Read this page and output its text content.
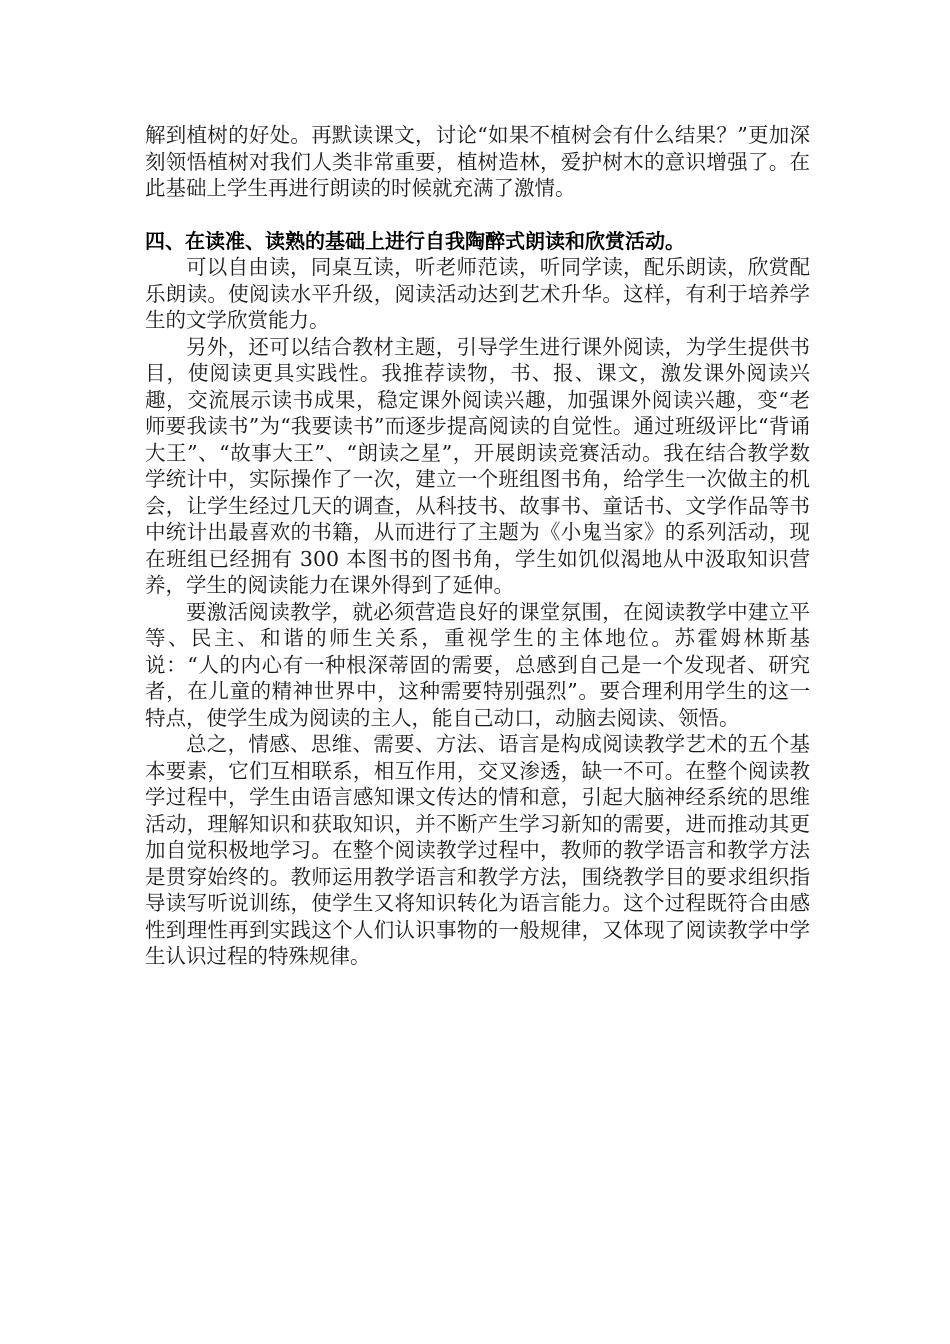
解到植树的好处。再默读课文，讨论“如果不植树会有什么结果？”更加深刻领悟植树对我们人类非常重要，植树造林，爱护树木的意识增强了。在此基础上学生再进行朗读的时候就充满了激情。

四、在读准、读熟的基础上进行自我陶醉式朗读和欣赏活动。

可以自由读，同桌互读，听老师范读，听同学读，配乐朗读，欣赏配乐朗读。使阅读水平升级，阅读活动达到艺术升华。这样，有利于培养学生的文学欣赏能力。

另外，还可以结合教材主题，引导学生进行课外阅读，为学生提供书目，使阅读更具实践性。我推荐读物，书、报、课文，激发课外阅读兴趣，交流展示读书成果，稳定课外阅读兴趣，加强课外阅读兴趣，变“老师要我读书”为“我要读书”而逐步提高阅读的自觉性。通过班级评比“背诵大王”、“故事大王”、“朗读之星”，开展朗读竞赛活动。我在结合教学数学统计中，实际操作了一次，建立一个班组图书角，给学生一次做主的机会，让学生经过几天的调查，从科技书、故事书、童话书、文学作品等书中统计出最喜欢的书籍，从而进行了主题为《小鬼当家》的系列活动，现在班组已经拥有 300 本图书的图书角，学生如饥似渴地从中汲取知识营养，学生的阅读能力在课外得到了延伸。

要激活阅读教学，就必须营造良好的课堂氛围，在阅读教学中建立平等、民主、和谐的师生关系，重视学生的主体地位。苏霍姆林斯基说：“人的内心有一种根深蒂固的需要，总感到自己是一个发现者、研究者，在儿童的精神世界中，这种需要特别强烈”。要合理利用学生的这一特点，使学生成为阅读的主人，能自己动口，动脑去阅读、领悟。

总之，情感、思维、需要、方法、语言是构成阅读教学艺术的五个基本要素，它们互相联系，相互作用，交叉渗透，缺一不可。在整个阅读教学过程中，学生由语言感知课文传达的情和意，引起大脑神经系统的思维活动，理解知识和获取知识，并不断产生学习新知的需要，进而推动其更加自觉积极地学习。在整个阅读教学过程中，教师的教学语言和教学方法是贯穿始终的。教师运用教学语言和教学方法，围绕教学目的要求组织指导读写听说训练，使学生又将知识转化为语言能力。这个过程既符合由感性到理性再到实践这个人们认识事物的一般规律，又体现了阅读教学中学生认识过程的特殊规律。
